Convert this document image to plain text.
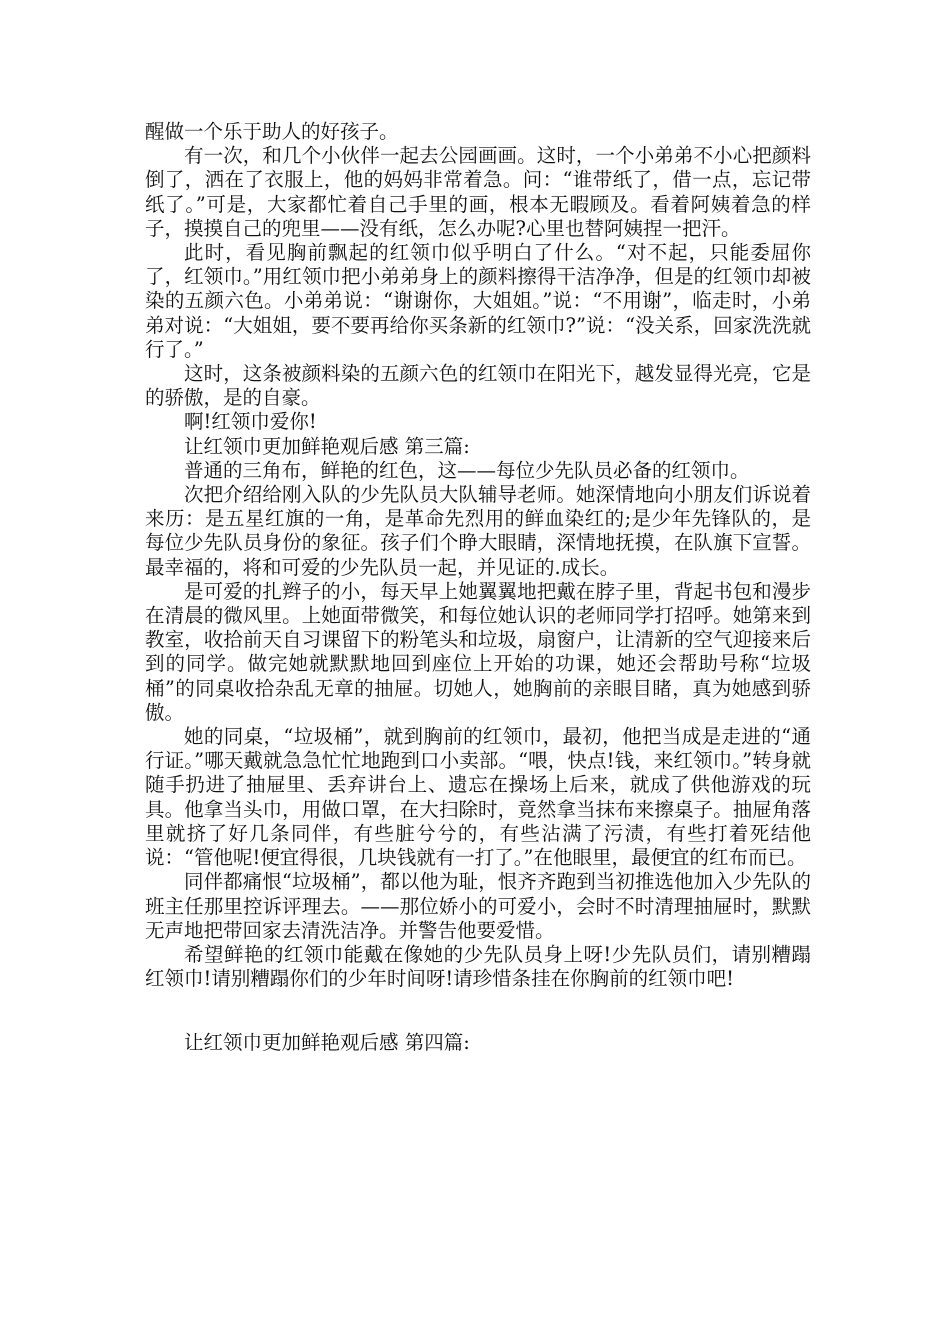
醒做一个乐于助人的好孩子。

有一次，和几个小伙伴一起去公园画画。这时，一个小弟弟不小心把颜料倒了，洒在了衣服上，他的妈妈非常着急。问：“谁带纸了，借一点，忘记带纸了。”可是，大家都忙着自己手里的画，根本无暇顾及。看着阿姨着急的样子，摸摸自己的兜里——没有纸，怎么办呢?心里也替阿姨捏一把汗。

此时，看见胸前飘起的红领巾似乎明白了什么。“对不起，只能委屈你了，红领巾。”用红领巾把小弟弟身上的颜料擦得干洁净净，但是的红领巾却被染的五颜六色。小弟弟说：“谢谢你，大姐姐。”说：“不用谢”，临走时，小弟弟对说：“大姐姐，要不要再给你买条新的红领巾?”说：“没关系，回家洗洗就行了。”

这时，这条被颜料染的五颜六色的红领巾在阳光下，越发显得光亮，它是的骄傲，是的自豪。

啊!红领巾爱你!

让红领巾更加鲜艳观后感 第三篇:

普通的三角布，鲜艳的红色，这——每位少先队员必备的红领巾。

次把介绍给刚入队的少先队员大队辅导老师。她深情地向小朋友们诉说着来历：是五星红旗的一角，是革命先烈用的鲜血染红的;是少年先锋队的，是每位少先队员身份的象征。孩子们个睁大眼睛，深情地抚摸，在队旗下宣誓。最幸福的，将和可爱的少先队员一起，并见证的.成长。

是可爱的扎辫子的小，每天早上她翼翼地把戴在脖子里，背起书包和漫步在清晨的微风里。上她面带微笑，和每位她认识的老师同学打招呼。她第来到教室，收拾前天自习课留下的粉笔头和垃圾，扇窗户，让清新的空气迎接来后到的同学。做完她就默默地回到座位上开始的功课，她还会帮助号称“垃圾桶”的同桌收拾杂乱无章的抽屉。切她人，她胸前的亲眼目睹，真为她感到骄傲。

她的同桌，“垃圾桶”，就到胸前的红领巾，最初，他把当成是走进的“通行证。”哪天戴就急急忙忙地跑到口小卖部。“喂，快点!钱，来红领巾。”转身就随手扔进了抽屉里、丢弃讲台上、遗忘在操场上后来，就成了供他游戏的玩具。他拿当头巾，用做口罩，在大扫除时，竟然拿当抹布来擦桌子。抽屉角落里就挤了好几条同伴，有些脏兮兮的，有些沾满了污渍，有些打着死结他说：“管他呢!便宜得很，几块钱就有一打了。”在他眼里，最便宜的红布而已。

同伴都痛恨“垃圾桶”，都以他为耻，恨齐齐跑到当初推选他加入少先队的班主任那里控诉评理去。——那位娇小的可爱小，会时不时清理抽屉时，默默无声地把带回家去清洗洁净。并警告他要爱惜。

希望鲜艳的红领巾能戴在像她的少先队员身上呀!少先队员们，请别糟蹋红领巾!请别糟蹋你们的少年时间呀!请珍惜条挂在你胸前的红领巾吧!

让红领巾更加鲜艳观后感 第四篇:
